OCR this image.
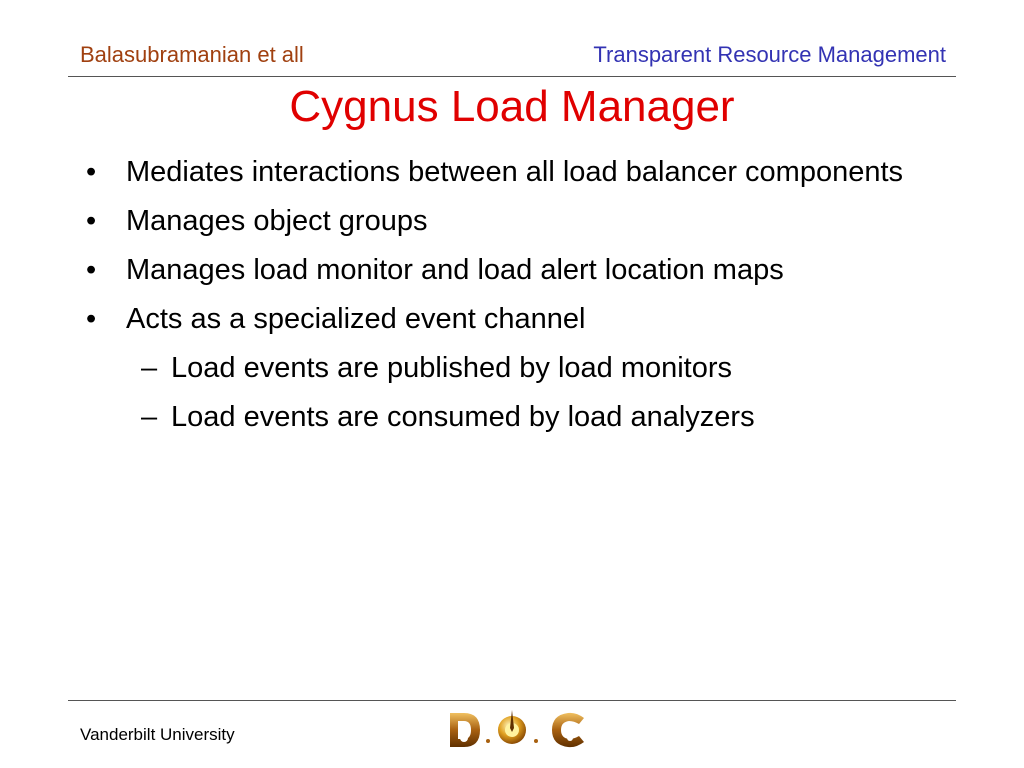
Balasubramanian et all	Transparent Resource Management
Cygnus Load Manager
• Mediates interactions between all load balancer components
• Manages object groups
• Manages load monitor and load alert location maps
• Acts as a specialized event channel
– Load events are published by load monitors
– Load events are consumed by load analyzers
Vanderbilt University
